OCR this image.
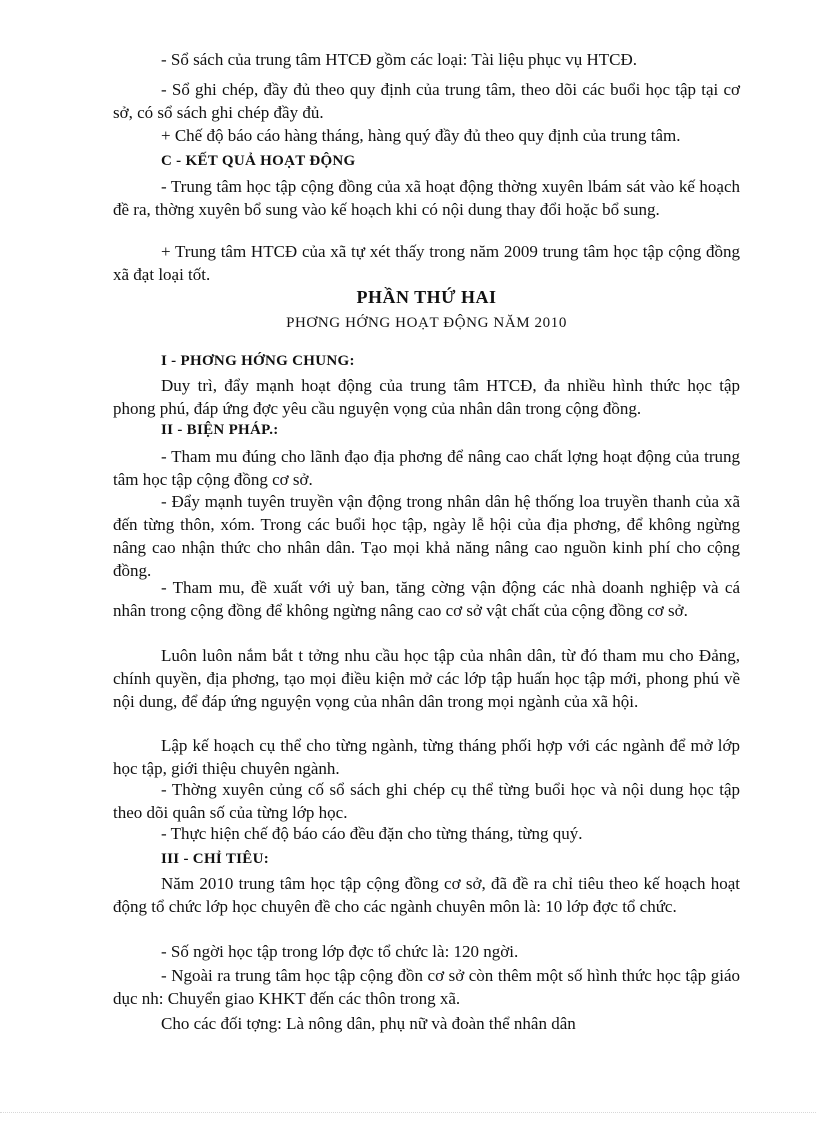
- Sổ sách của trung tâm HTCĐ gồm các loại: Tài liệu phục vụ HTCĐ.

- Sổ ghi chép, đầy đủ theo quy định của trung tâm, theo dõi các buổi học tập tại cơ sở, có sổ sách ghi chép đầy đủ.

+ Chế độ báo cáo hàng tháng, hàng quý đầy đủ theo quy định của trung tâm.

C - KẾT QUẢ HOẠT ĐỘNG

- Trung tâm học tập cộng đồng của xã hoạt động thờng xuyên lbám sát vào kế hoạch đề ra, thờng xuyên bổ sung vào kế hoạch khi có nội dung thay đổi hoặc bổ sung.

+ Trung tâm HTCĐ của xã tự xét thấy trong năm 2009 trung tâm học tập cộng đồng xã đạt loại tốt.

PHẦN THỨ HAI

PHƠNG HỚNG HOẠT ĐỘNG NĂM 2010

I - PHƠNG HỚNG CHUNG:

Duy trì, đẩy mạnh hoạt động của trung tâm HTCĐ, đa nhiều hình thức học tập phong phú, đáp ứng đợc yêu cầu nguyện vọng của nhân dân trong cộng đồng.

II - BIỆN PHÁP.:

- Tham mu đúng cho lãnh đạo địa phơng để nâng cao chất lợng hoạt động của trung tâm học tập cộng đồng cơ sở.

- Đẩy mạnh tuyên truyền vận động trong nhân dân hệ thống loa truyền thanh của xã đến từng thôn, xóm. Trong các buổi học tập, ngày lễ hội của địa phơng, để không ngừng nâng cao nhận thức cho nhân dân. Tạo mọi khả năng nâng cao nguồn kinh phí cho cộng đồng.

- Tham mu, đề xuất với uỷ ban, tăng cờng vận động các nhà doanh nghiệp và cá nhân trong cộng đồng để không ngừng nâng cao cơ sở vật chất của cộng đồng cơ sở.

Luôn luôn nắm bắt t tởng nhu cầu học tập của nhân dân, từ đó tham mu cho Đảng, chính quyền, địa phơng, tạo mọi điều kiện mở các lớp tập huấn học tập mới, phong phú về nội dung, để đáp ứng nguyện vọng của nhân dân trong mọi ngành của xã hội.

Lập kế hoạch cụ thể cho từng ngành, từng tháng phối hợp với các ngành để mở lớp học tập, giới thiệu chuyên ngành.

- Thờng xuyên củng cố sổ sách ghi chép cụ thể từng buổi học và nội dung học tập theo dõi quân số của từng lớp học.

- Thực hiện chế độ báo cáo đều đặn cho từng tháng, từng quý.

III - CHỈ TIÊU:

Năm 2010 trung tâm học tập cộng đồng cơ sở, đã đề ra chỉ tiêu theo kế hoạch hoạt động tổ chức lớp học chuyên đề cho các ngành chuyên môn là: 10 lớp đợc tổ chức.

- Số ngời học tập trong lớp đợc tổ chức là: 120 ngời.

- Ngoài ra trung tâm học tập cộng đồn cơ sở còn thêm một số hình thức học tập giáo dục nh: Chuyển giao KHKT đến các thôn trong xã.

Cho các đối tợng: Là nông dân, phụ nữ và đoàn thể nhân dân
